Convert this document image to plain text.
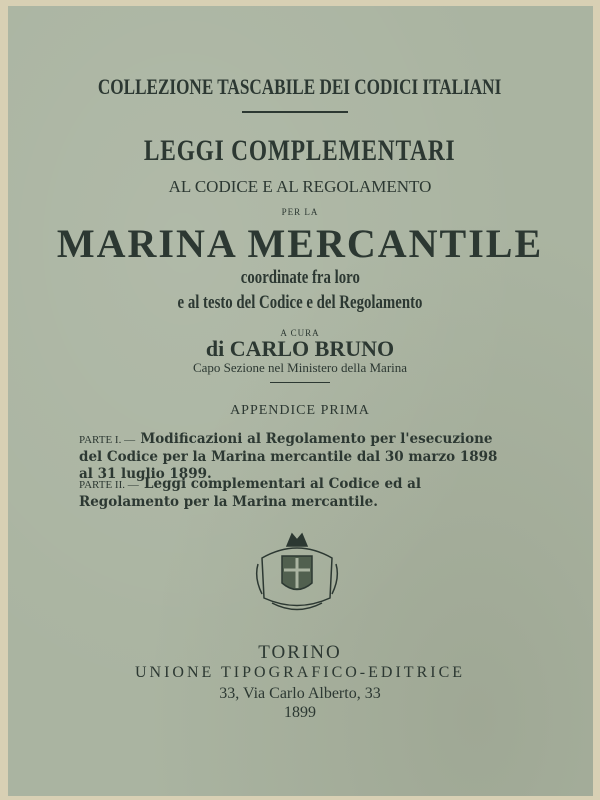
COLLEZIONE TASCABILE DEI CODICI ITALIANI
LEGGI COMPLEMENTARI
AL CODICE E AL REGOLAMENTO
PER LA
MARINA MERCANTILE
coordinate fra loro
e al testo del Codice e del Regolamento
A CURA
di CARLO BRUNO
Capo Sezione nel Ministero della Marina
APPENDICE PRIMA
PARTE I. — Modificazioni al Regolamento per l'esecuzione del Codice per la Marina mercantile dal 30 marzo 1898 al 31 luglio 1899.
PARTE II. — Leggi complementari al Codice ed al Regolamento per la Marina mercantile.
TORINO
UNIONE TIPOGRAFICO-EDITRICE
33, Via Carlo Alberto, 33
1899
